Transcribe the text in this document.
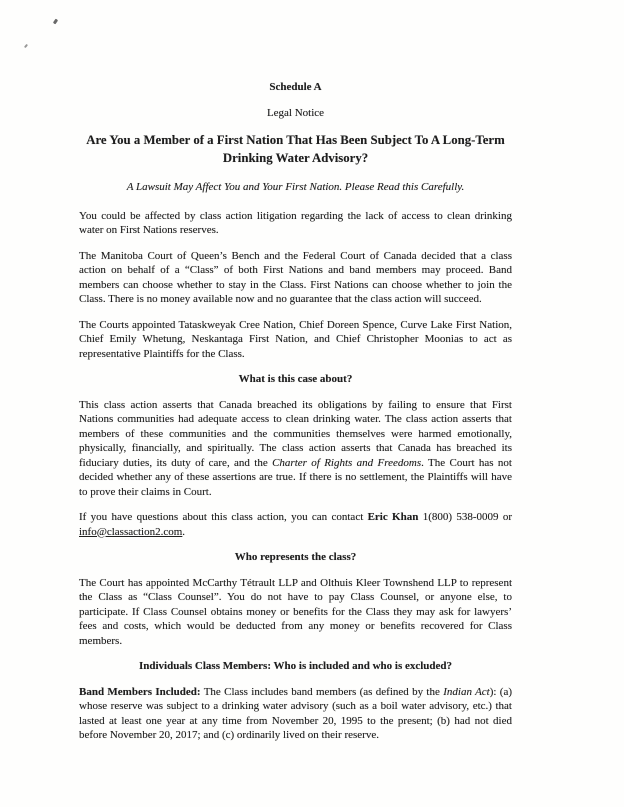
Schedule A
Legal Notice
Are You a Member of a First Nation That Has Been Subject To A Long-Term Drinking Water Advisory?
A Lawsuit May Affect You and Your First Nation. Please Read this Carefully.
You could be affected by class action litigation regarding the lack of access to clean drinking water on First Nations reserves.
The Manitoba Court of Queen’s Bench and the Federal Court of Canada decided that a class action on behalf of a “Class” of both First Nations and band members may proceed. Band members can choose whether to stay in the Class. First Nations can choose whether to join the Class. There is no money available now and no guarantee that the class action will succeed.
The Courts appointed Tataskweyak Cree Nation, Chief Doreen Spence, Curve Lake First Nation, Chief Emily Whetung, Neskantaga First Nation, and Chief Christopher Moonias to act as representative Plaintiffs for the Class.
What is this case about?
This class action asserts that Canada breached its obligations by failing to ensure that First Nations communities had adequate access to clean drinking water. The class action asserts that members of these communities and the communities themselves were harmed emotionally, physically, financially, and spiritually. The class action asserts that Canada has breached its fiduciary duties, its duty of care, and the Charter of Rights and Freedoms. The Court has not decided whether any of these assertions are true. If there is no settlement, the Plaintiffs will have to prove their claims in Court.
If you have questions about this class action, you can contact Eric Khan 1(800) 538-0009 or info@classaction2.com.
Who represents the class?
The Court has appointed McCarthy Tétrault LLP and Olthuis Kleer Townshend LLP to represent the Class as “Class Counsel”. You do not have to pay Class Counsel, or anyone else, to participate. If Class Counsel obtains money or benefits for the Class they may ask for lawyers’ fees and costs, which would be deducted from any money or benefits recovered for Class members.
Individuals Class Members: Who is included and who is excluded?
Band Members Included: The Class includes band members (as defined by the Indian Act): (a) whose reserve was subject to a drinking water advisory (such as a boil water advisory, etc.) that lasted at least one year at any time from November 20, 1995 to the present; (b) had not died before November 20, 2017; and (c) ordinarily lived on their reserve.
